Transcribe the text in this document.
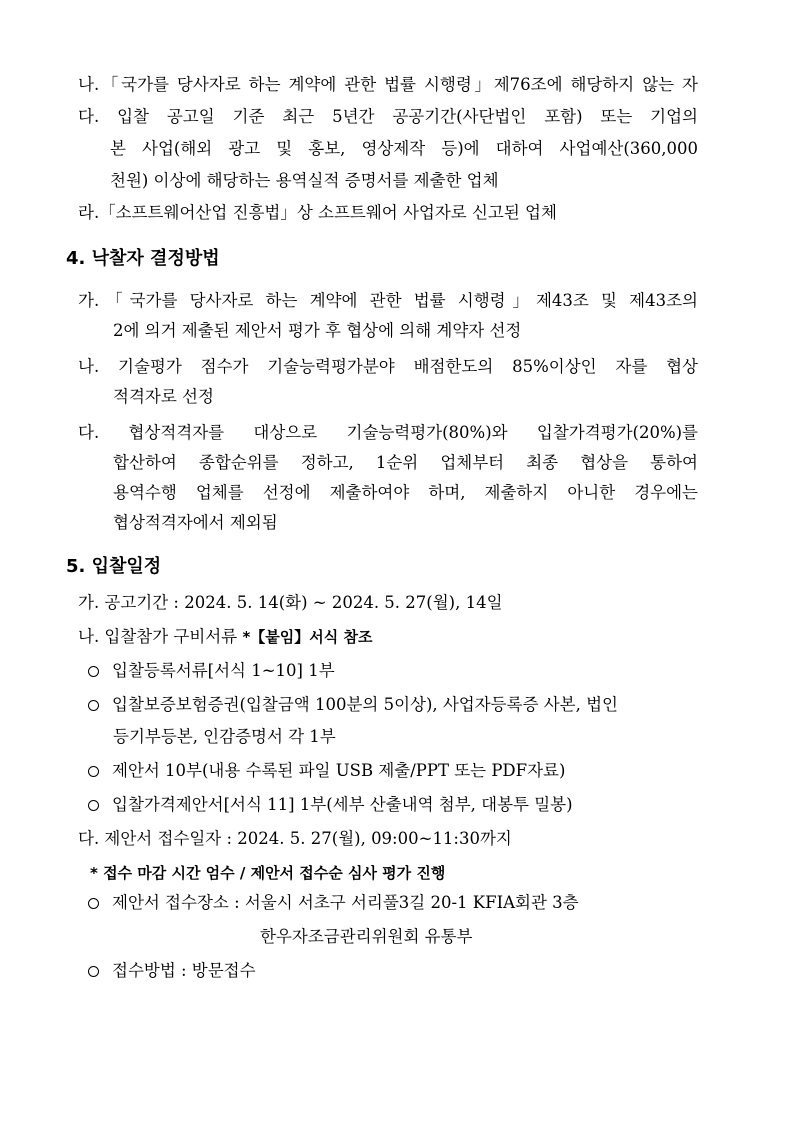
나.「국가를 당사자로 하는 계약에 관한 법률 시행령」제76조에 해당하지 않는 자
다. 입찰 공고일 기준 최근 5년간 공공기간(사단법인 포함) 또는 기업의
본 사업(해외 광고 및 홍보, 영상제작 등)에 대하여 사업예산(360,000
천원) 이상에 해당하는 용역실적 증명서를 제출한 업체
라.「소프트웨어산업 진흥법」상 소프트웨어 사업자로 신고된 업체
4. 낙찰자 결정방법
가.「국가를 당사자로 하는 계약에 관한 법률 시행령」제43조 및 제43조의
2에 의거 제출된 제안서 평가 후 협상에 의해 계약자 선정
나. 기술평가 점수가 기술능력평가분야 배점한도의 85%이상인 자를 협상
적격자로 선정
다. 협상적격자를 대상으로 기술능력평가(80%)와 입찰가격평가(20%)를
합산하여 종합순위를 정하고, 1순위 업체부터 최종 협상을 통하여
용역수행 업체를 선정에 제출하여야 하며, 제출하지 아니한 경우에는
협상적격자에서 제외됨
5. 입찰일정
가. 공고기간 : 2024. 5. 14(화) ~ 2024. 5. 27(월), 14일
나. 입찰참가 구비서류 *【붙임】서식 참조
입찰등록서류[서식 1~10] 1부
입찰보증보험증권(입찰금액 100분의 5이상), 사업자등록증 사본, 법인
등기부등본, 인감증명서 각 1부
제안서 10부(내용 수록된 파일 USB 제출/PPT 또는 PDF자료)
입찰가격제안서[서식 11] 1부(세부 산출내역 첨부, 대봉투 밀봉)
다. 제안서 접수일자 : 2024. 5. 27(월), 09:00~11:30까지
* 접수 마감 시간 엄수 / 제안서 접수순 심사 평가 진행
제안서 접수장소 : 서울시 서초구 서리풀3길 20-1 KFIA회관 3층
한우자조금관리위원회 유통부
접수방법 : 방문접수
